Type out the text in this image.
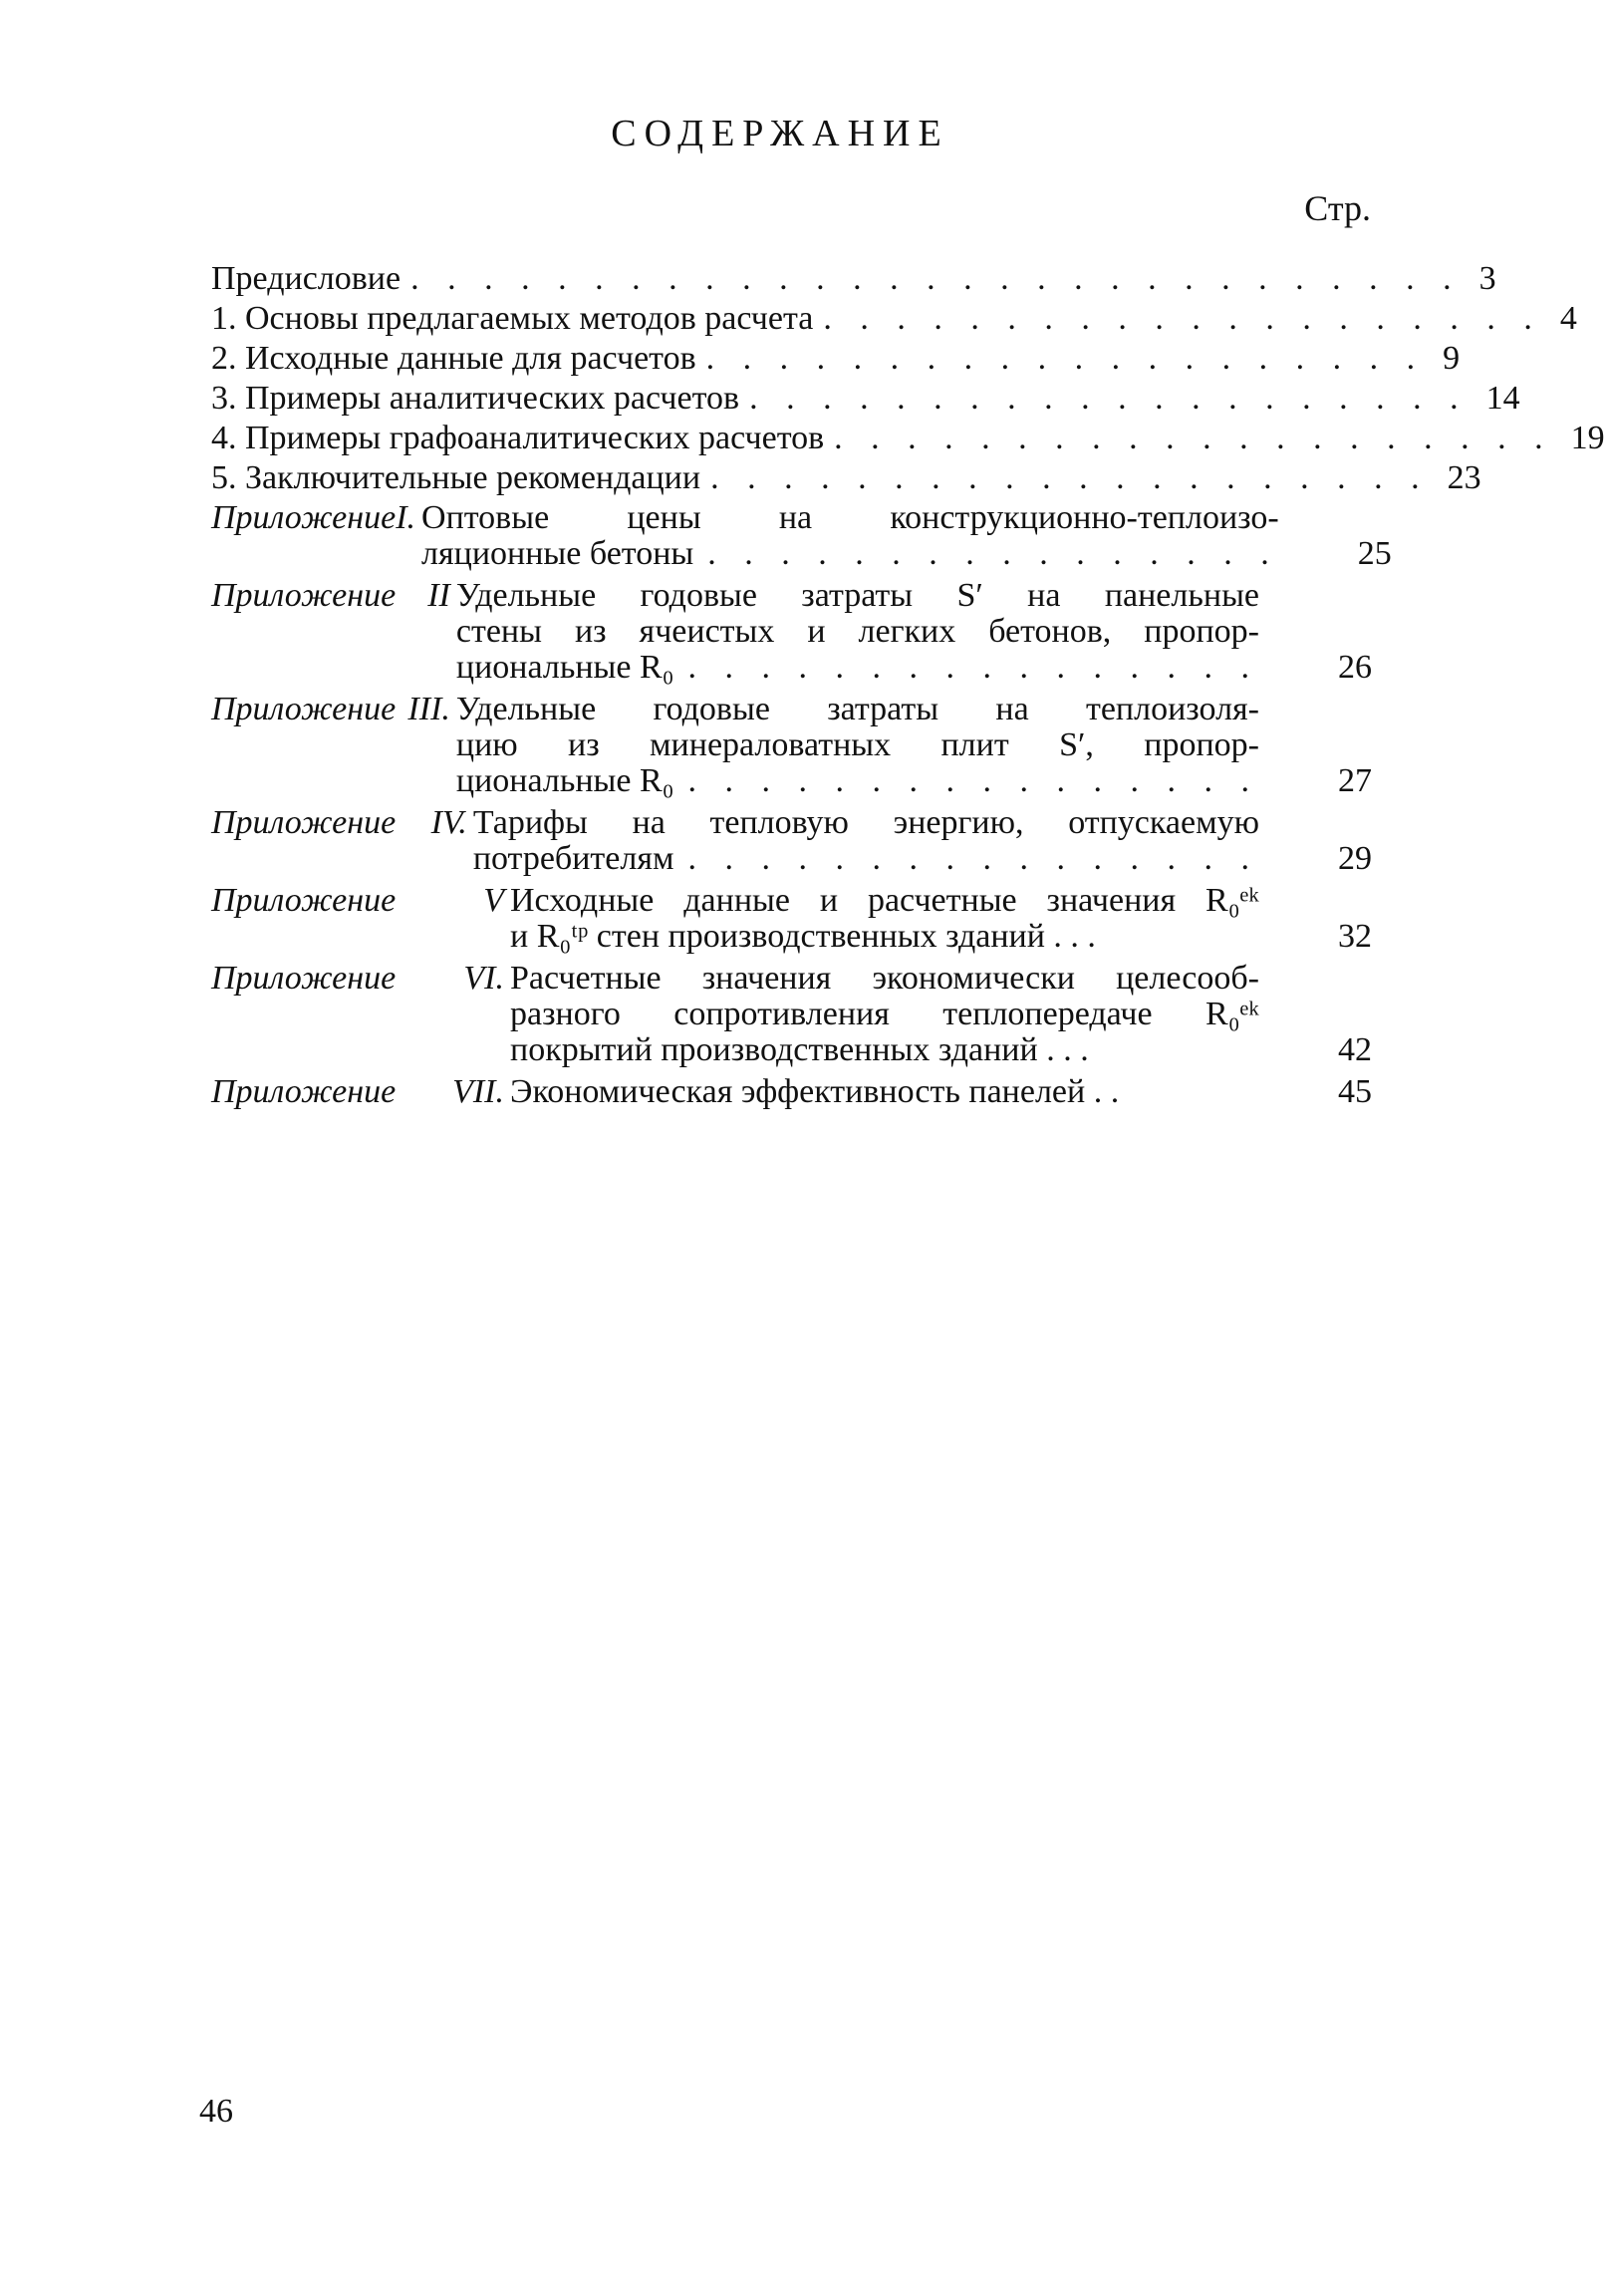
СОДЕРЖАНИЕ
Стр.
Предисловие . . . . . . . . . . . . . . . . . . . . . . . . . . . . . 3
1. Основы предлагаемых методов расчета . . . . . . . . . . . . . . . . . . . . 4
2. Исходные данные для расчетов . . . . . . . . . . . . . . . . . . . . 9
3. Примеры аналитических расчетов . . . . . . . . . . . . . . . . . . . . 14
4. Примеры графоаналитических расчетов . . . . . . . . . . . . . . . . . . . . 19
5. Заключительные рекомендации . . . . . . . . . . . . . . . . . . . . 23
Приложение I. Оптовые цены на конструкционно-теплоизо-
ляционные бетоны . . . . . . . . . . . . . . . .	25
Приложение II Удельные годовые затраты S′ на панельные
стены из ячеистых и легких бетонов, пропор-
циональные R₀ . . . . . . . . . . . . . . . .	26
Приложение III. Удельные годовые затраты на теплоизоля-
цию из минераловатных плит S′, пропор-
циональные R₀ . . . . . . . . . . . . . . . .	27
Приложение IV. Тарифы на тепловую энергию, отпускаемую
потребителям . . . . . . . . . . . . . . . .	29
Приложение	V Исходные данные и расчетные значения R₀ᵉᵏ
и R₀ᵗᵖ стен производственных зданий . . .	32
Приложение VI. Расчетные значения экономически целесооб-
разного сопротивления теплопередаче R₀ᵉᵏ
покрытий производственных зданий . . .	42
Приложение VII. Экономическая эффективность панелей . .	45
46
